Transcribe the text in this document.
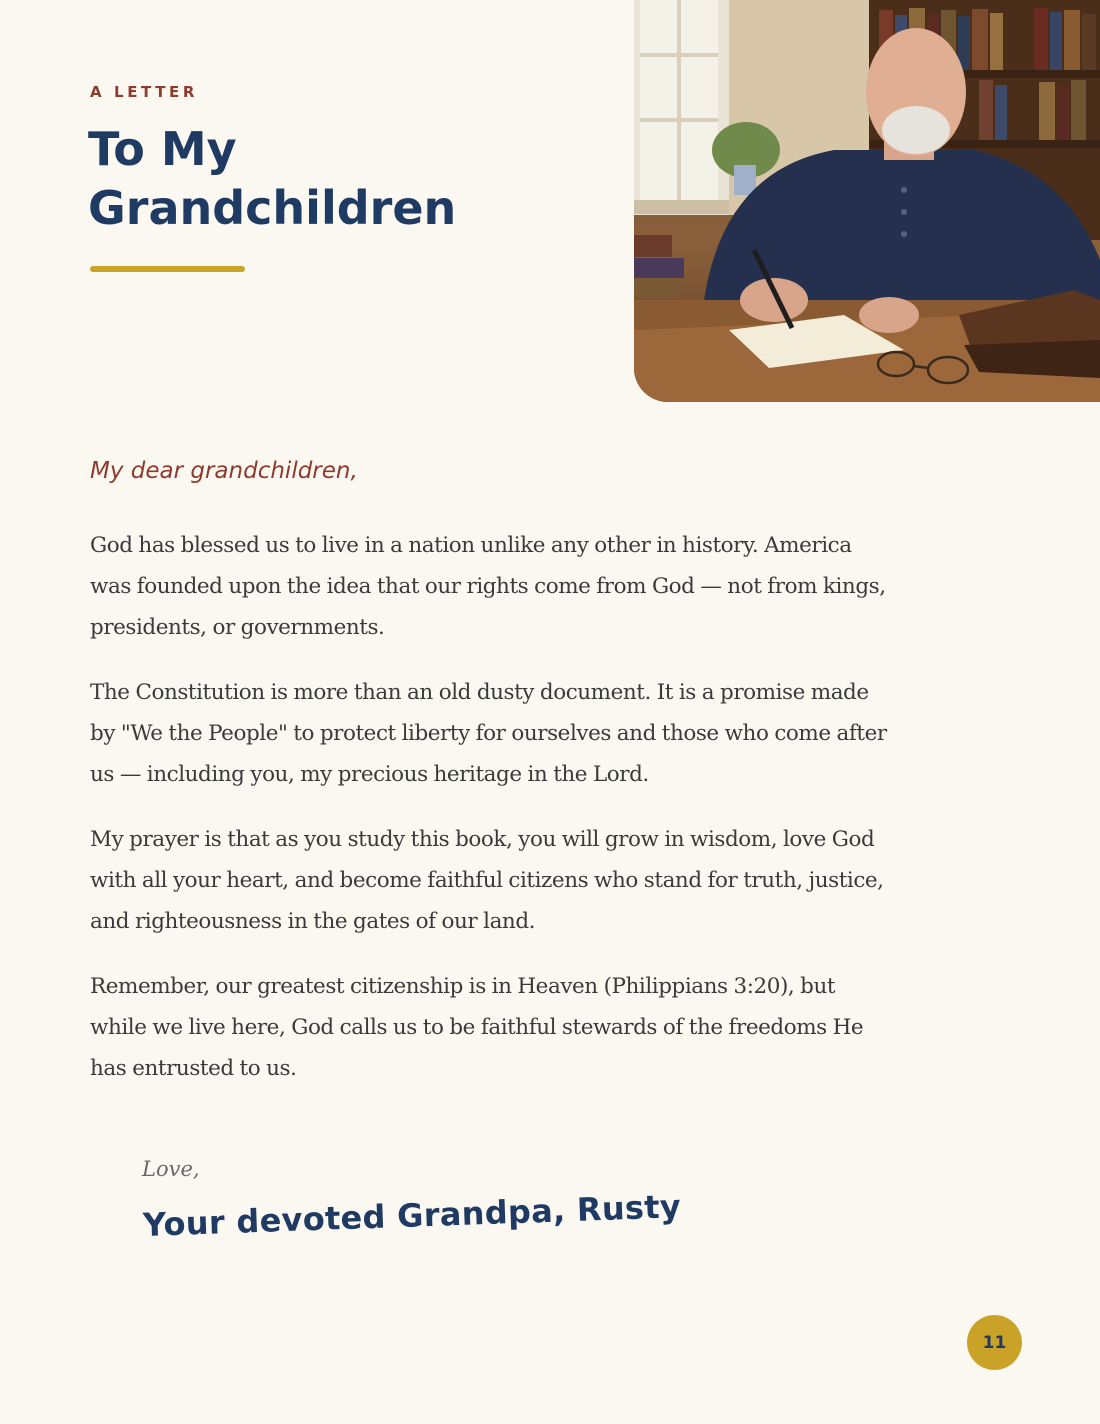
A LETTER

To My
Grandchildren

My dear grandchildren,

God has blessed us to live in a nation unlike any other in history. America was founded upon the idea that our rights come from God — not from kings, presidents, or governments.

The Constitution is more than an old dusty document. It is a promise made by "We the People" to protect liberty for ourselves and those who come after us — including you, my precious heritage in the Lord.

My prayer is that as you study this book, you will grow in wisdom, love God with all your heart, and become faithful citizens who stand for truth, justice, and righteousness in the gates of our land.

Remember, our greatest citizenship is in Heaven (Philippians 3:20), but while we live here, God calls us to be faithful stewards of the freedoms He has entrusted to us.

Love,

Your devoted Grandpa, Rusty

11
